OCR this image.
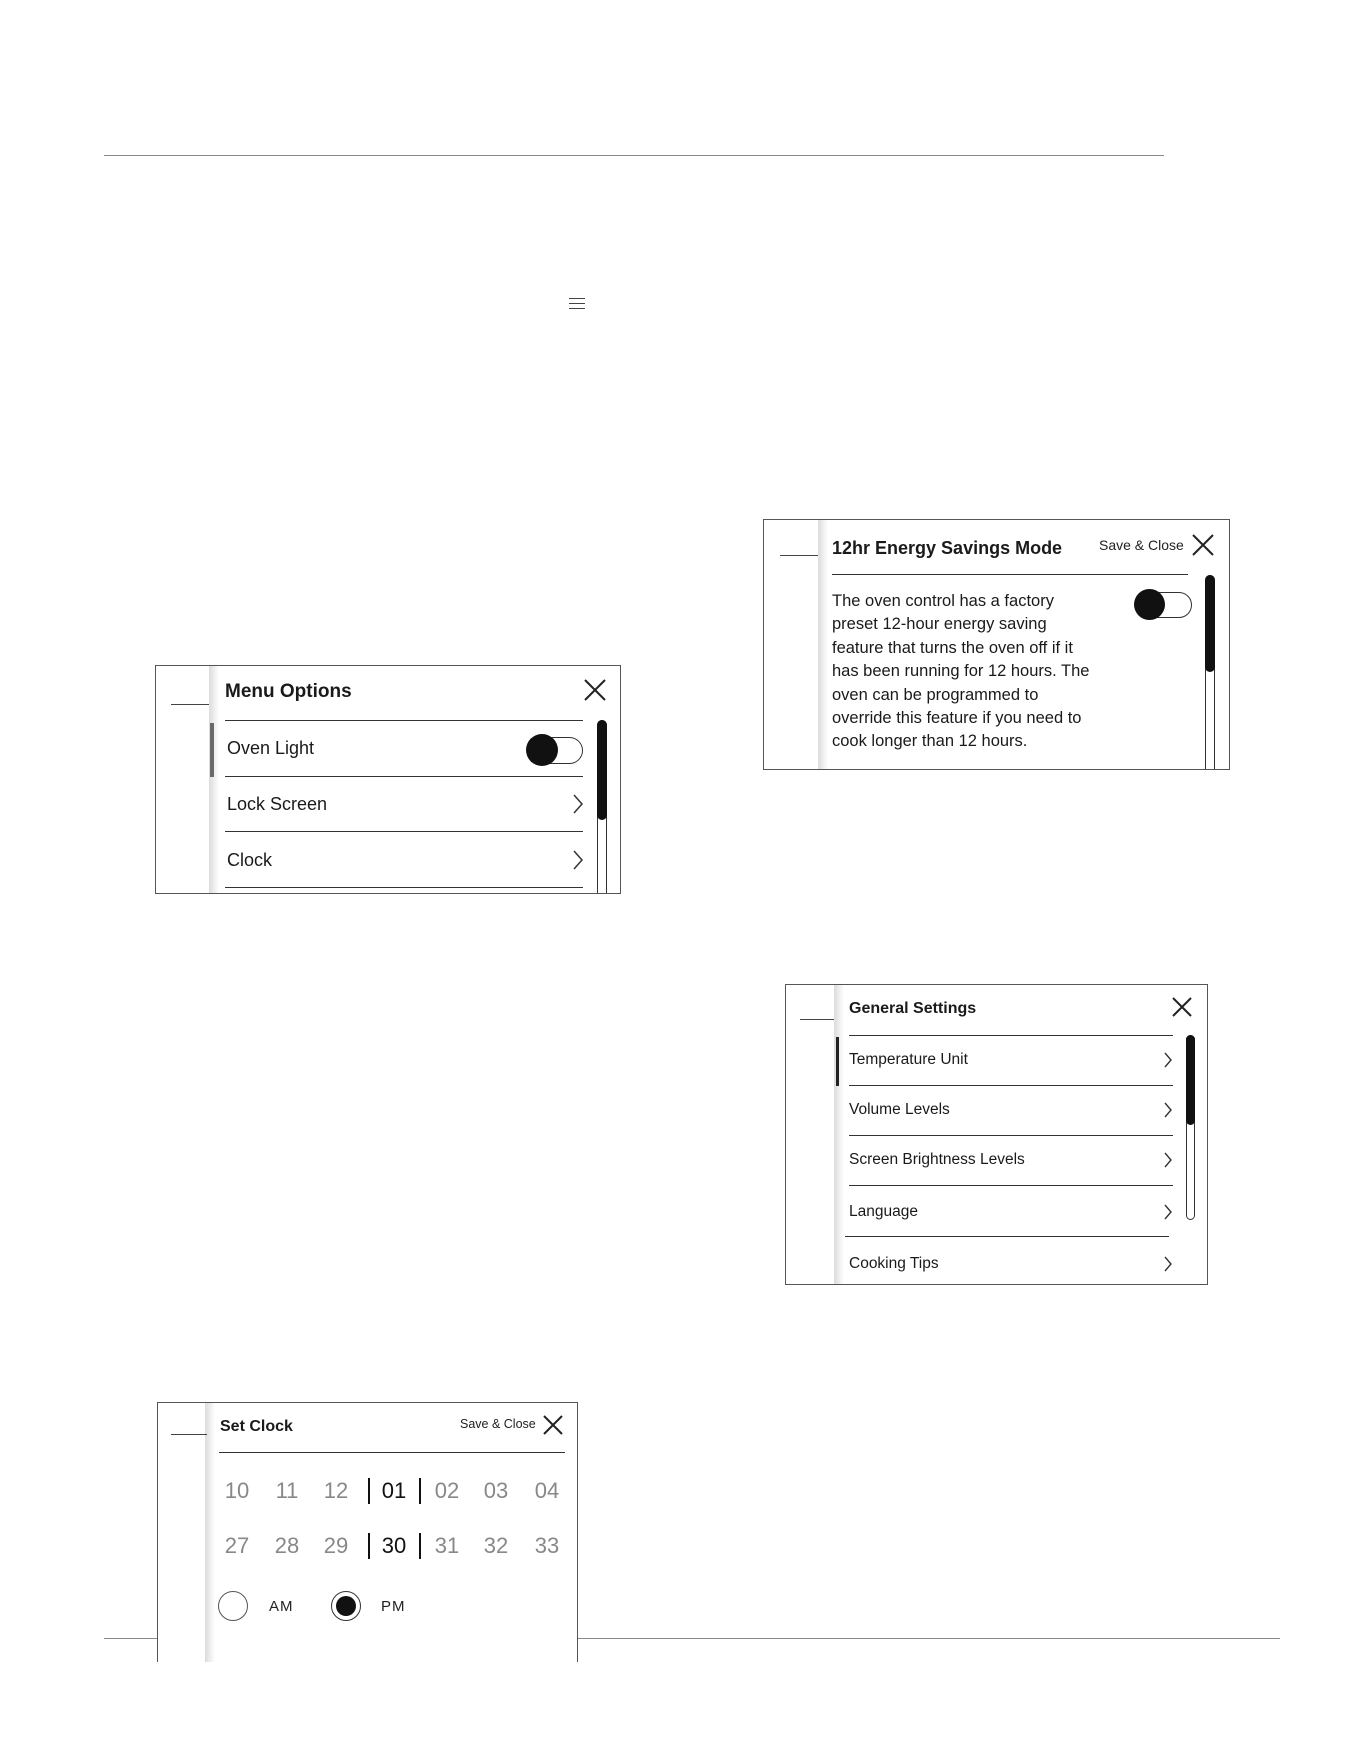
Menu Options
Oven Light
Lock Screen
Clock
12hr Energy Savings Mode	Save & Close
The oven control has a factory
preset 12-hour energy saving
feature that turns the oven off if it
has been running for 12 hours. The
oven can be programmed to
override this feature if you need to
cook longer than 12 hours.
General Settings
Temperature Unit
Volume Levels
Screen Brightness Levels
Language
Cooking Tips
Set Clock	Save & Close
10	11	12	01	02	03	04
27	28	29	30	31	32	33
AM	PM
